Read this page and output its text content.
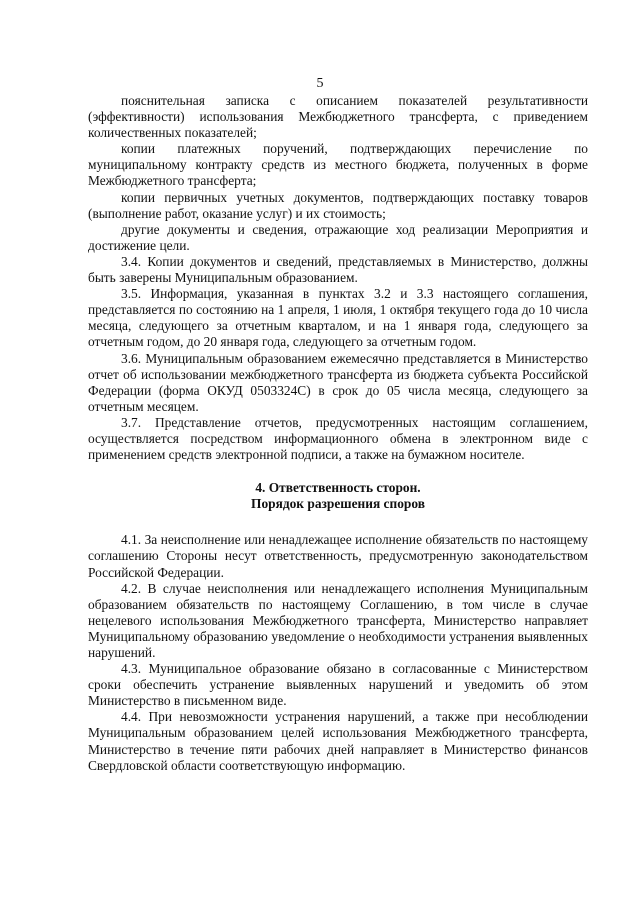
5

пояснительная записка с описанием показателей результативности (эффективности) использования Межбюджетного трансферта, с приведением количественных показателей;

копии платежных поручений, подтверждающих перечисление по муниципальному контракту средств из местного бюджета, полученных в форме Межбюджетного трансферта;

копии первичных учетных документов, подтверждающих поставку товаров (выполнение работ, оказание услуг) и их стоимость;

другие документы и сведения, отражающие ход реализации Мероприятия и достижение цели.

3.4. Копии документов и сведений, представляемых в Министерство, должны быть заверены Муниципальным образованием.

3.5. Информация, указанная в пунктах 3.2 и 3.3 настоящего соглашения, представляется по состоянию на 1 апреля, 1 июля, 1 октября текущего года до 10 числа месяца, следующего за отчетным кварталом, и на 1 января года, следующего за отчетным годом, до 20 января года, следующего за отчетным годом.

3.6. Муниципальным образованием ежемесячно представляется в Министерство отчет об использовании межбюджетного трансферта из бюджета субъекта Российской Федерации (форма ОКУД 0503324С) в срок до 05 числа месяца, следующего за отчетным месяцем.

3.7. Представление отчетов, предусмотренных настоящим соглашением, осуществляется посредством информационного обмена в электронном виде с применением средств электронной подписи, а также на бумажном носителе.

4. Ответственность сторон.

Порядок разрешения споров

4.1. За неисполнение или ненадлежащее исполнение обязательств по настоящему соглашению Стороны несут ответственность, предусмотренную законодательством Российской Федерации.

4.2. В случае неисполнения или ненадлежащего исполнения Муниципальным образованием обязательств по настоящему Соглашению, в том числе в случае нецелевого использования Межбюджетного трансферта, Министерство направляет Муниципальному образованию уведомление о необходимости устранения выявленных нарушений.

4.3. Муниципальное образование обязано в согласованные с Министерством сроки обеспечить устранение выявленных нарушений и уведомить об этом Министерство в письменном виде.

4.4. При невозможности устранения нарушений, а также при несоблюдении Муниципальным образованием целей использования Межбюджетного трансферта, Министерство в течение пяти рабочих дней направляет в Министерство финансов Свердловской области соответствующую информацию.
